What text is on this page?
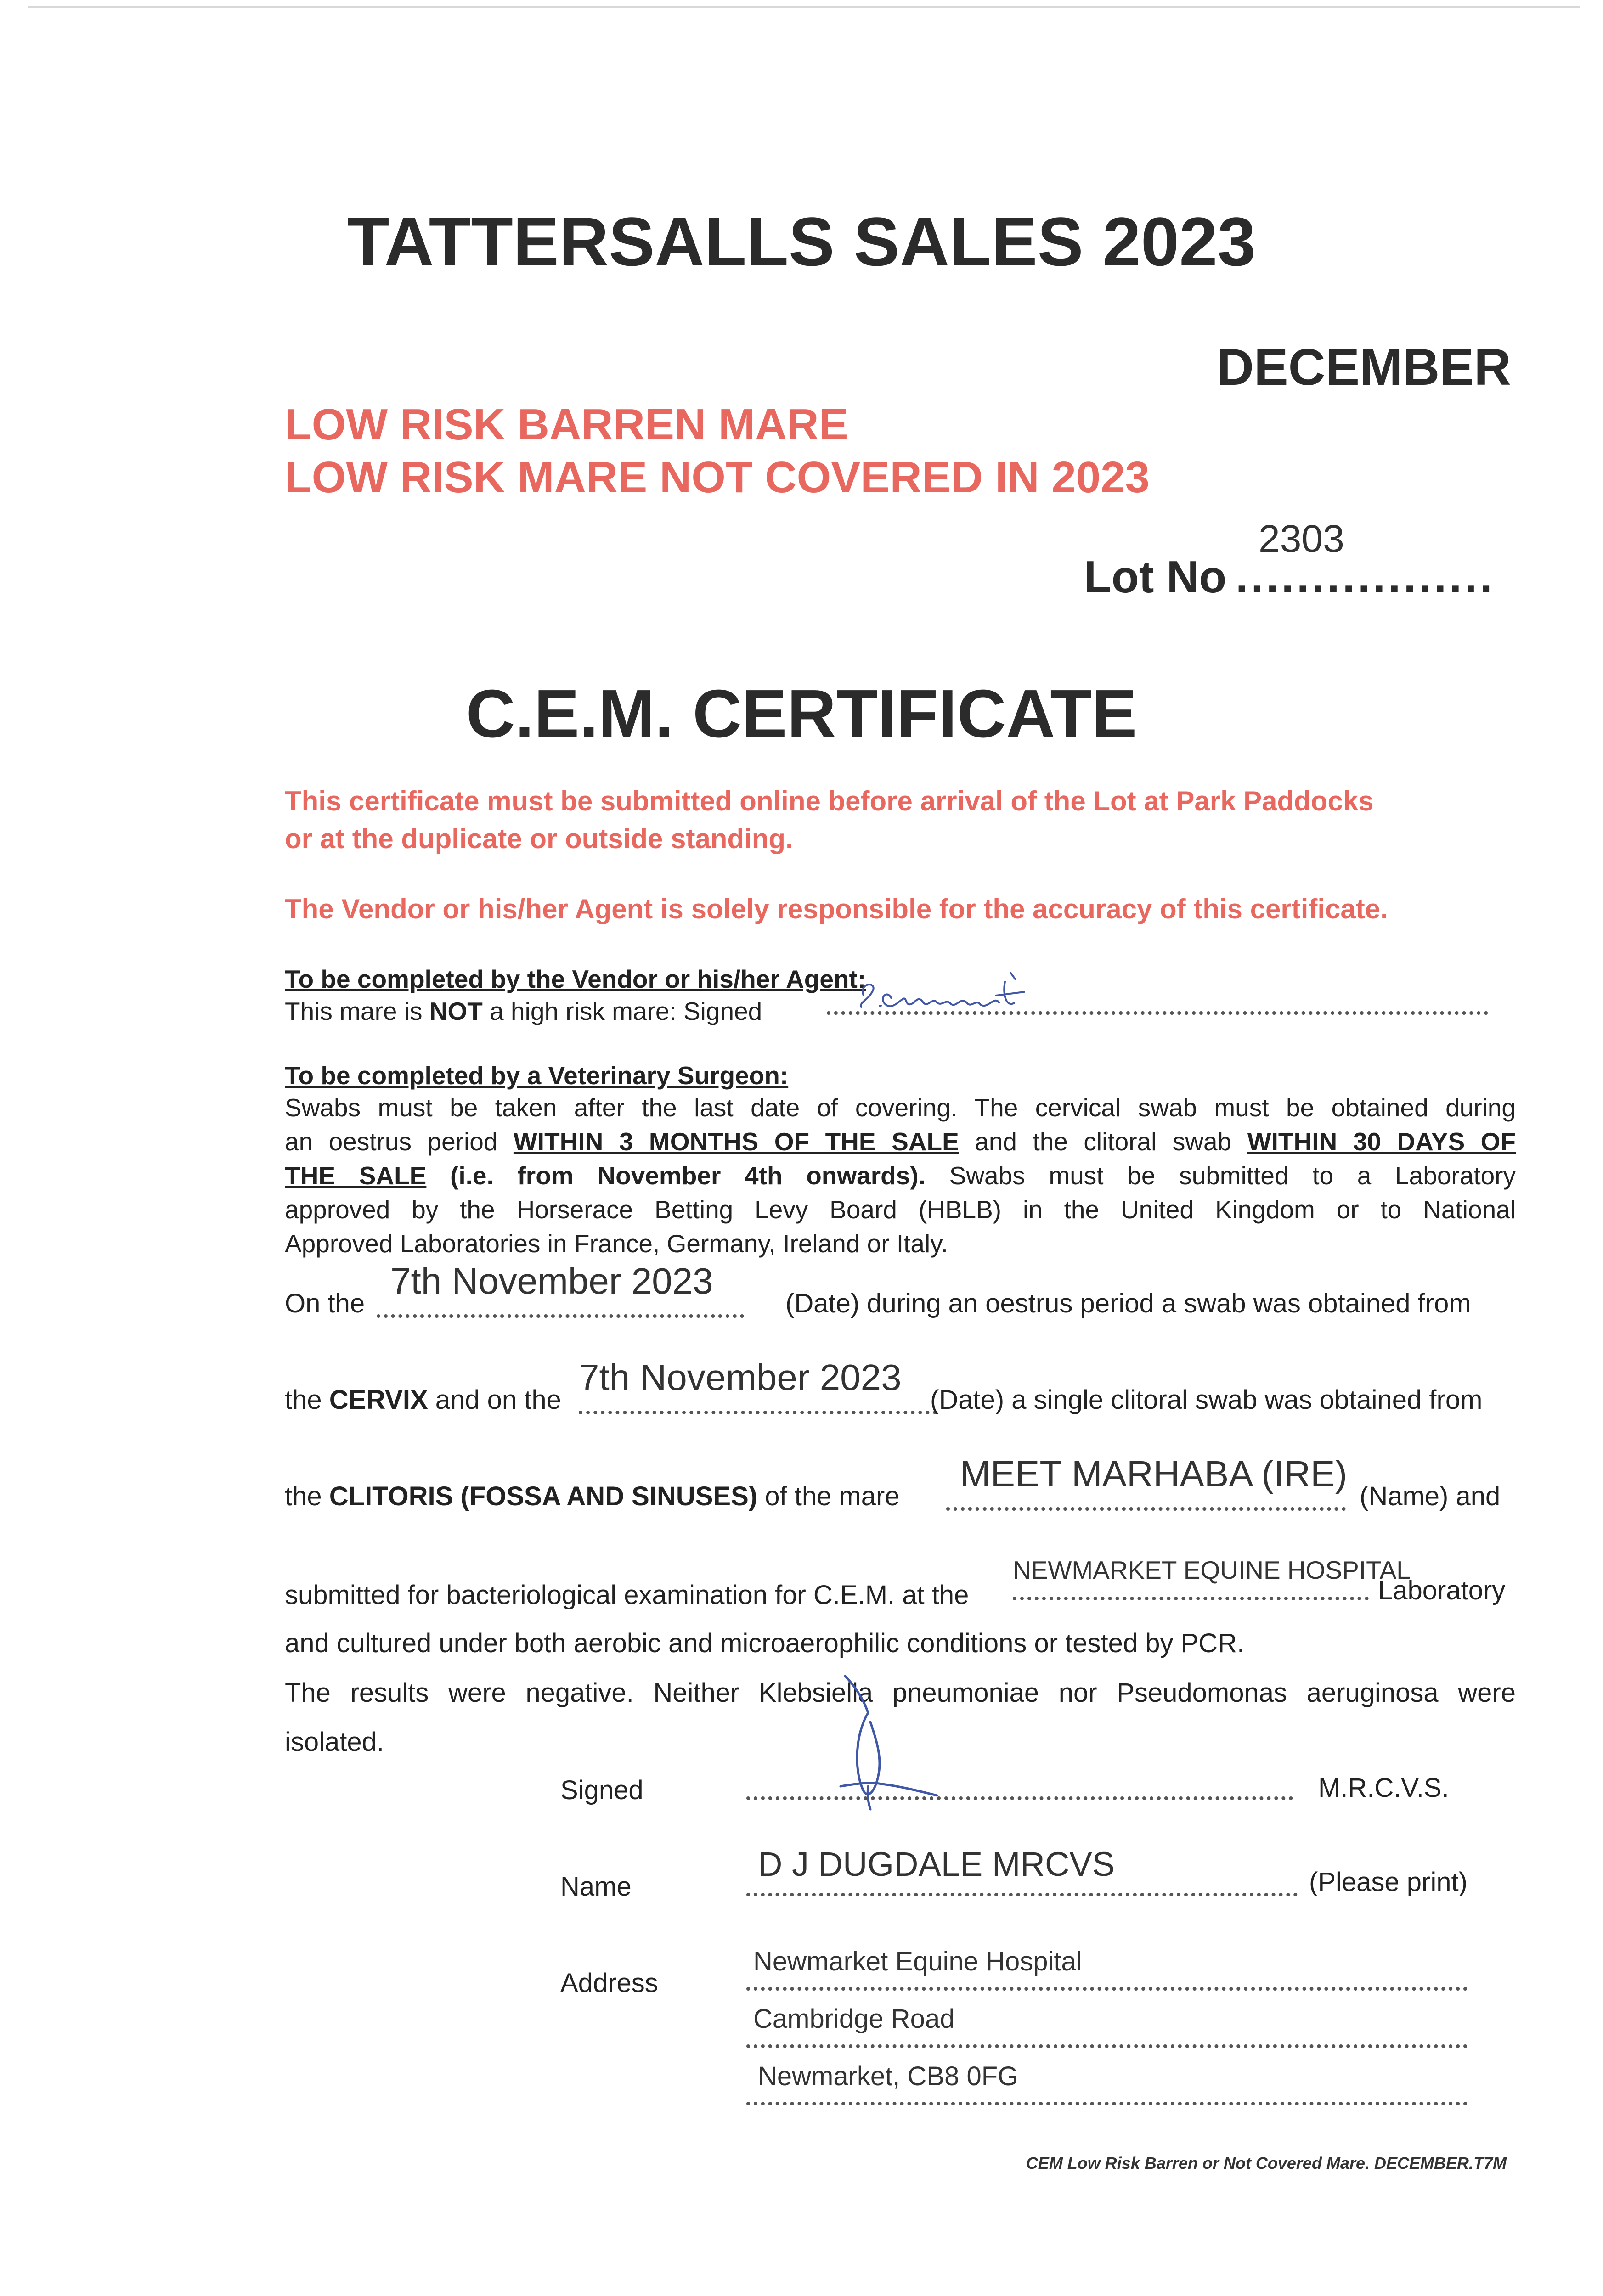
TATTERSALLS SALES 2023
DECEMBER
LOW RISK BARREN MARE
LOW RISK MARE NOT COVERED IN 2023
2303
Lot No .................
C.E.M. CERTIFICATE
This certificate must be submitted online before arrival of the Lot at Park Paddocks
or at the duplicate or outside standing.
The Vendor or his/her Agent is solely responsible for the accuracy of this certificate.
To be completed by the Vendor or his/her Agent:
This mare is NOT a high risk mare: Signed
To be completed by a Veterinary Surgeon:
Swabs must be taken after the last date of covering. The cervical swab must be obtained during
an oestrus period WITHIN 3 MONTHS OF THE SALE and the clitoral swab WITHIN 30 DAYS OF
THE SALE (i.e. from November 4th onwards). Swabs must be submitted to a Laboratory
approved by the Horserace Betting Levy Board (HBLB) in the United Kingdom or to National
Approved Laboratories in France, Germany, Ireland or Italy.
On the
7th November 2023
(Date) during an oestrus period a swab was obtained from
the CERVIX and on the
7th November 2023
(Date) a single clitoral swab was obtained from
the CLITORIS (FOSSA AND SINUSES) of the mare
MEET MARHABA (IRE)
(Name) and
submitted for bacteriological examination for C.E.M. at the
NEWMARKET EQUINE HOSPITAL
Laboratory
and cultured under both aerobic and microaerophilic conditions or tested by PCR.
The results were negative. Neither Klebsiella pneumoniae nor Pseudomonas aeruginosa were
isolated.
Signed	M.R.C.V.S.
Name
D J DUGDALE MRCVS	(Please print)
Address
Newmarket Equine Hospital
Cambridge Road
Newmarket, CB8 0FG
CEM Low Risk Barren or Not Covered Mare. DECEMBER.T7M
